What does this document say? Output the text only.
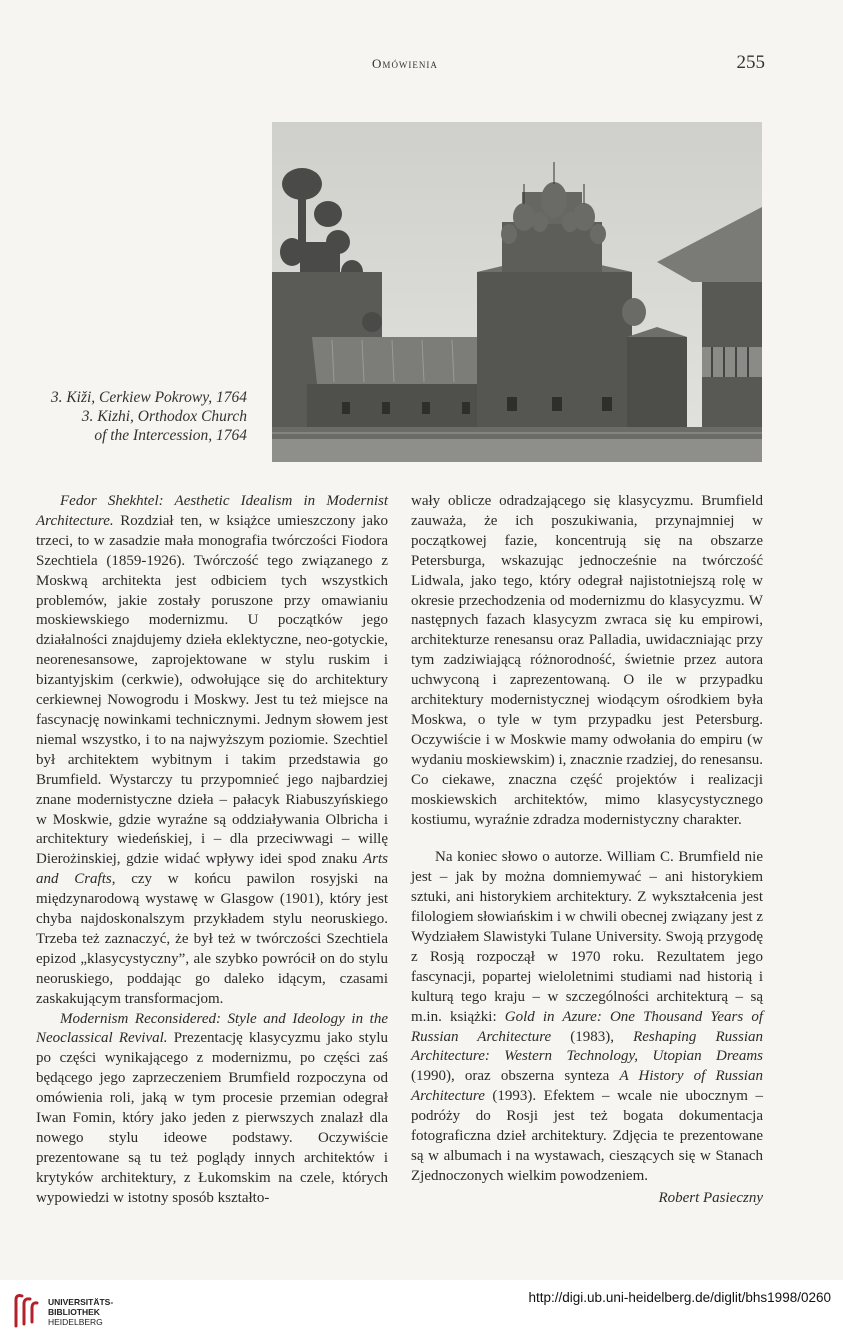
Omówienia	255
3. Kiži, Cerkiew Pokrowy, 1764
3. Kizhi, Orthodox Church
of the Intercession, 1764

Fedor Shekhtel: Aesthetic Idealism in Modernist Architecture. Rozdział ten, w książce umieszczony jako trzeci, to w zasadzie mała monografia twórczości Fiodora Szechtiela (1859-1926). Twórczość tego związanego z Moskwą architekta jest odbiciem tych wszystkich problemów, jakie zostały poruszone przy omawianiu moskiewskiego modernizmu. U początków jego działalności znajdujemy dzieła eklektyczne, neo-gotyckie, neorenesansowe, zaprojektowane w stylu ruskim i bizantyjskim (cerkwie), odwołujące się do architektury cerkiewnej Nowogrodu i Moskwy. Jest tu też miejsce na fascynację nowinkami technicznymi. Jednym słowem jest niemal wszystko, i to na najwyższym poziomie. Szechtiel był architektem wybitnym i takim przedstawia go Brumfield. Wystarczy tu przypomnieć jego najbardziej znane modernistyczne dzieła – pałacyk Riabuszyńskiego w Moskwie, gdzie wyraźne są oddziaływania Olbricha i architektury wiedeńskiej, i – dla przeciwwagi – willę Dierożinskiej, gdzie widać wpływy idei spod znaku Arts and Crafts, czy w końcu pawilon rosyjski na międzynarodową wystawę w Glasgow (1901), który jest chyba najdoskonalszym przykładem stylu neoruskiego. Trzeba też zaznaczyć, że był też w twórczości Szechtiela epizod „klasycystyczny”, ale szybko powrócił on do stylu neoruskiego, poddając go daleko idącym, czasami zaskakującym transformacjom.

Modernism Reconsidered: Style and Ideology in the Neoclassical Revival. Prezentację klasycyzmu jako stylu po części wynikającego z modernizmu, po części zaś będącego jego zaprzeczeniem Brumfield rozpoczyna od omówienia roli, jaką w tym procesie przemian odegrał Iwan Fomin, który jako jeden z pierwszych znalazł dla nowego stylu ideowe podstawy. Oczywiście prezentowane są tu też poglądy innych architektów i krytyków architektury, z Łukomskim na czele, których wypowiedzi w istotny sposób kształto-

wały oblicze odradzającego się klasycyzmu. Brumfield zauważa, że ich poszukiwania, przynajmniej w początkowej fazie, koncentrują się na obszarze Petersburga, wskazując jednocześnie na twórczość Lidwala, jako tego, który odegrał najistotniejszą rolę w okresie przechodzenia od modernizmu do klasycyzmu. W następnych fazach klasycyzm zwraca się ku empirowi, architekturze renesansu oraz Palladia, uwidaczniając przy tym zadziwiającą różnorodność, świetnie przez autora uchwyconą i zaprezentowaną. O ile w przypadku architektury modernistycznej wiodącym ośrodkiem była Moskwa, o tyle w tym przypadku jest Petersburg. Oczywiście i w Moskwie mamy odwołania do empiru (w wydaniu moskiewskim) i, znacznie rzadziej, do renesansu. Co ciekawe, znaczna część projektów i realizacji moskiewskich architektów, mimo klasycystycznego kostiumu, wyraźnie zdradza modernistyczny charakter.

Na koniec słowo o autorze. William C. Brumfield nie jest – jak by można domniemywać – ani historykiem sztuki, ani historykiem architektury. Z wykształcenia jest filologiem słowiańskim i w chwili obecnej związany jest z Wydziałem Slawistyki Tulane University. Swoją przygodę z Rosją rozpoczął w 1970 roku. Rezultatem jego fascynacji, popartej wieloletnimi studiami nad historią i kulturą tego kraju – w szczególności architekturą – są m.in. książki: Gold in Azure: One Thousand Years of Russian Architecture (1983), Reshaping Russian Architecture: Western Technology, Utopian Dreams (1990), oraz obszerna synteza A History of Russian Architecture (1993). Efektem – wcale nie ubocznym – podróży do Rosji jest też bogata dokumentacja fotograficzna dzieł architektury. Zdjęcia te prezentowane są w albumach i na wystawach, cieszących się w Stanach Zjednoczonych wielkim powodzeniem.

Robert Pasieczny

UNIVERSITÄTS-
BIBLIOTHEK
HEIDELBERG
http://digi.ub.uni-heidelberg.de/diglit/bhs1998/0260
